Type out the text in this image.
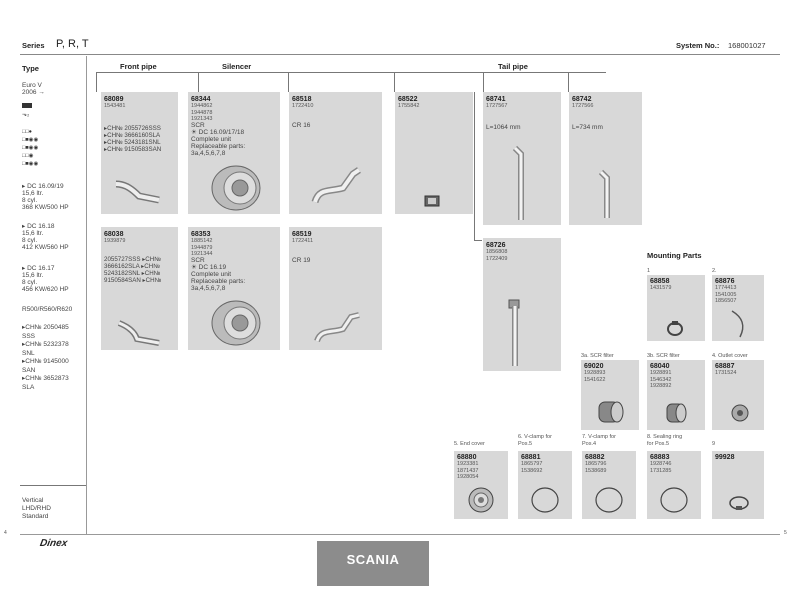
Series P, R, T	System No.: 168001027
Type
Euro V
2006 →
⬎₂
□□●
□■◉◉
□■◉◉
□□◉
□■◉◉
▸ DC 16.09/19
15,6 ltr.
8 cyl.
368 KW/500 HP
▸ DC 16.18
15,6 ltr.
8 cyl.
412 KW/560 HP
▸ DC 16.17
15,6 ltr.
8 cyl.
456 KW/620 HP
R500/R560/R620
▸CH№ 2050485
SSS
▸CH№ 5232378
SNL
▸CH№ 9145000
SAN
▸CH№ 3652873
SLA
Vertical
LHD/RHD
Standard
Front pipe	Silencer	Tail pipe
Mounting Parts
68089
1543481
▸CH№ 2055726SSS
▸CH№ 3666160SLA
▸CH№ 5243181SNL
▸CH№ 9150583SAN
68344
1944862
1944878
1921343
SCR
☀ DC 16.09/17/18
Complete unit
Replaceable parts:
3a,4,5,6,7,8
68518
1722410
CR 16
68522
1755842
68741
1727567
L=1064 mm
68742
1727566
L=734 mm
68038
1939879
2055727SSS ▸CH№
3666162SLA ▸CH№
5243182SNL ▸CH№
9150584SAN ▸CH№
68353
1885142
1944879
1921344
SCR
☀ DC 16.19
Complete unit
Replaceable parts:
3a,4,5,6,7,8
68519
1722411
CR 19
68726
1856808
1722409
1
68858
1431579
2.
68876
1774413
1541005
1856507
3a. SCR filter
69020
1928893
1541622
3b. SCR filter
68040
1928891
1546342
1928892
4. Outlet cover
68887
1731524
5. End cover
68880
1923381
1871437
1928054
6. V-clamp for
Pos.5
68881
1865797
1538692
7. V-clamp for
Pos.4
68882
1865796
1538689
8. Sealing ring
for Pos.5
68883
1928746
1731285
9
99928
4	5
Dinex
SCANIA
